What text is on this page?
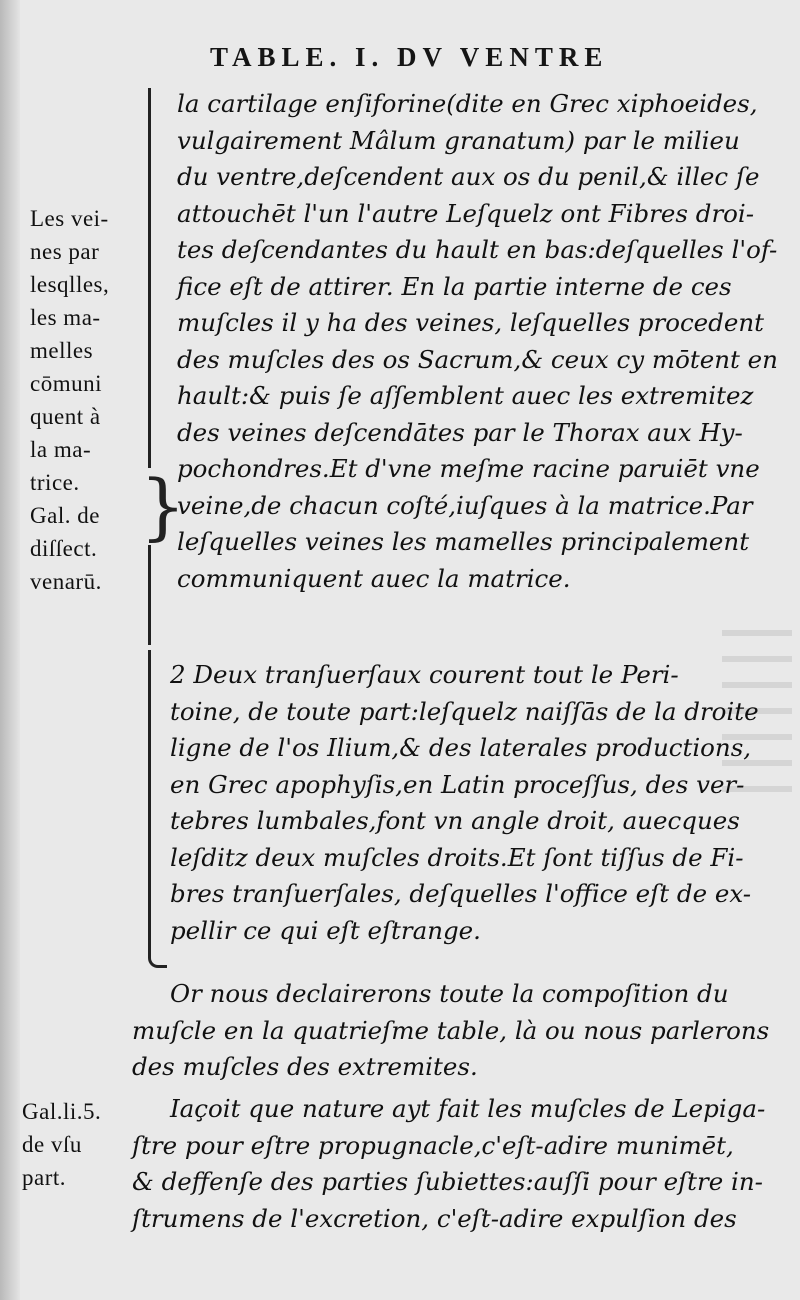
TABLE. I. DV VENTRE
}
Les vei-
nes par
lesqlles,
les ma-
melles
cōmuni
quent à
la ma-
trice.
Gal. de
diſſect.
venarū.
Gal.li.5.
de vſu
part.
la cartilage enſiforine(dite en Grec xiphoeides,
vulgairement Mâlum granatum) par le milieu
du ventre,deſcendent aux os du penil,& illec ſe
attouchēt l'un l'autre Leſquelz ont Fibres droi-
tes deſcendantes du hault en bas:deſquelles l'of-
fice eſt de attirer. En la partie interne de ces
muſcles il y ha des veines, leſquelles procedent
des muſcles des os Sacrum,& ceux cy mōtent en
hault:& puis ſe aſſemblent auec les extremitez
des veines deſcendātes par le Thorax aux Hy-
pochondres.Et d'vne meſme racine paruiēt vne
veine,de chacun coſté,iuſques à la matrice.Par
leſquelles veines les mamelles principalement
communiquent auec la matrice.
2 Deux tranſuerſaux courent tout le Peri-
toine, de toute part:leſquelz naiſſās de la droite
ligne de l'os Ilium,& des laterales productions,
en Grec apophyſis,en Latin proceſſus, des ver-
tebres lumbales,font vn angle droit, auecques
leſditz deux muſcles droits.Et ſont tiſſus de Fi-
bres tranſuerſales, deſquelles l'office eſt de ex-
pellir ce qui eſt eſtrange.
Or nous declairerons toute la compoſition du
muſcle en la quatrieſme table, là ou nous parlerons
des muſcles des extremites.
Iaçoit que nature ayt fait les muſcles de Lepiga-
ſtre pour eſtre propugnacle,c'eſt-adire munimēt,
& deffenſe des parties ſubiettes:auſſi pour eſtre in-
ſtrumens de l'excretion, c'eſt-adire expulſion des
